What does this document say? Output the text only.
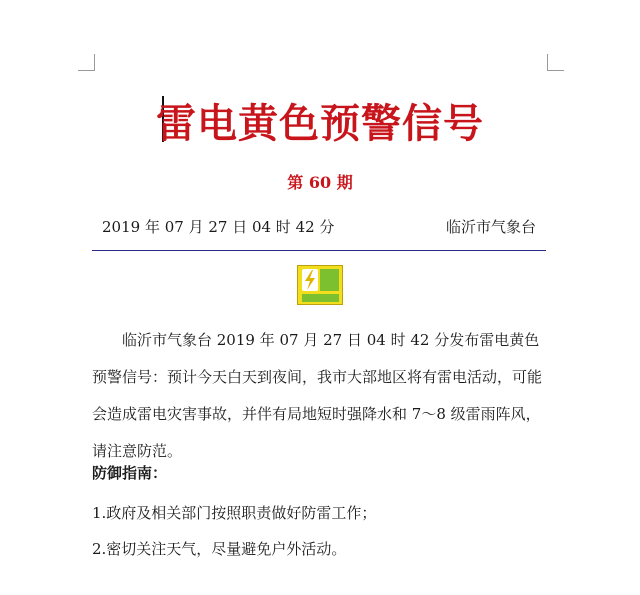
雷电黄色预警信号
第 60 期
2019 年 07 月 27 日 04 时 42 分	临沂市气象台

临沂市气象台 2019 年 07 月 27 日 04 时 42 分发布雷电黄色预警信号：预计今天白天到夜间，我市大部地区将有雷电活动，可能会造成雷电灾害事故，并伴有局地短时强降水和 7～8 级雷雨阵风，请注意防范。

防御指南：
1.政府及相关部门按照职责做好防雷工作；
2.密切关注天气，尽量避免户外活动。
